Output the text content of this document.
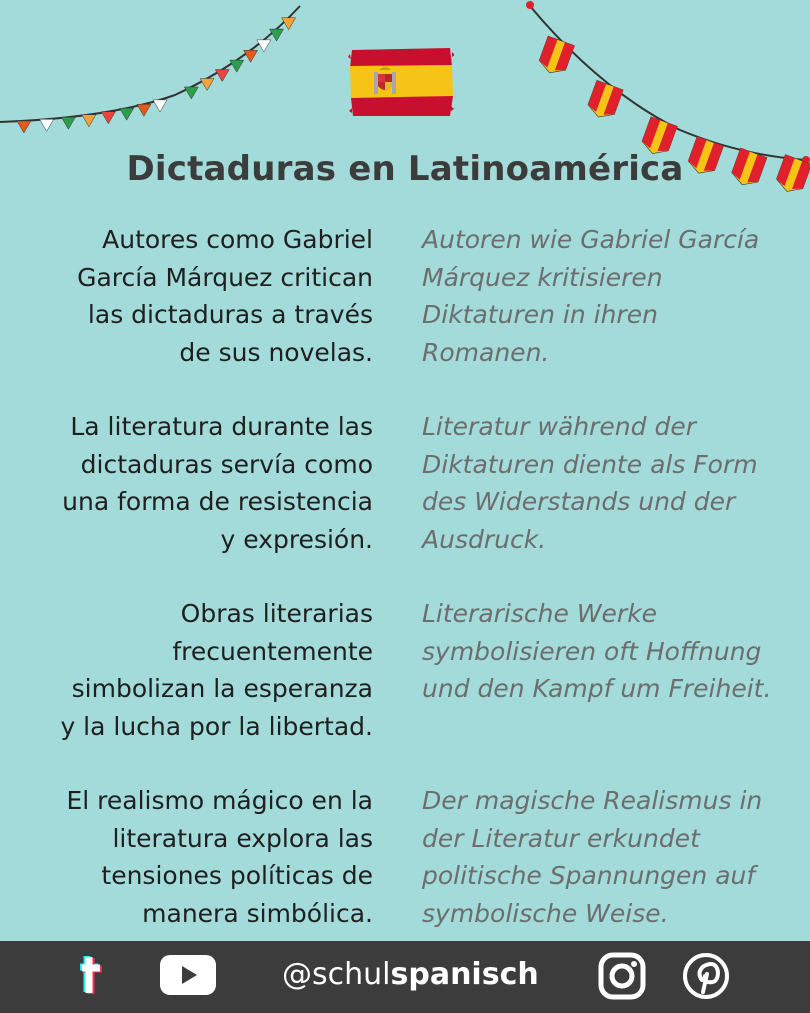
Dictaduras en Latinoamérica
Autores como Gabriel
García Márquez critican
las dictaduras a través
de sus novelas.
Autoren wie Gabriel García
Márquez kritisieren
Diktaturen in ihren
Romanen.
La literatura durante las
dictaduras servía como
una forma de resistencia
y expresión.
Literatur während der
Diktaturen diente als Form
des Widerstands und der
Ausdruck.
Obras literarias
frecuentemente
simbolizan la esperanza
y la lucha por la libertad.
Literarische Werke
symbolisieren oft Hoffnung
und den Kampf um Freiheit.
El realismo mágico en la
literatura explora las
tensiones políticas de
manera simbólica.
Der magische Realismus in
der Literatur erkundet
politische Spannungen auf
symbolische Weise.
@schulspanisch
